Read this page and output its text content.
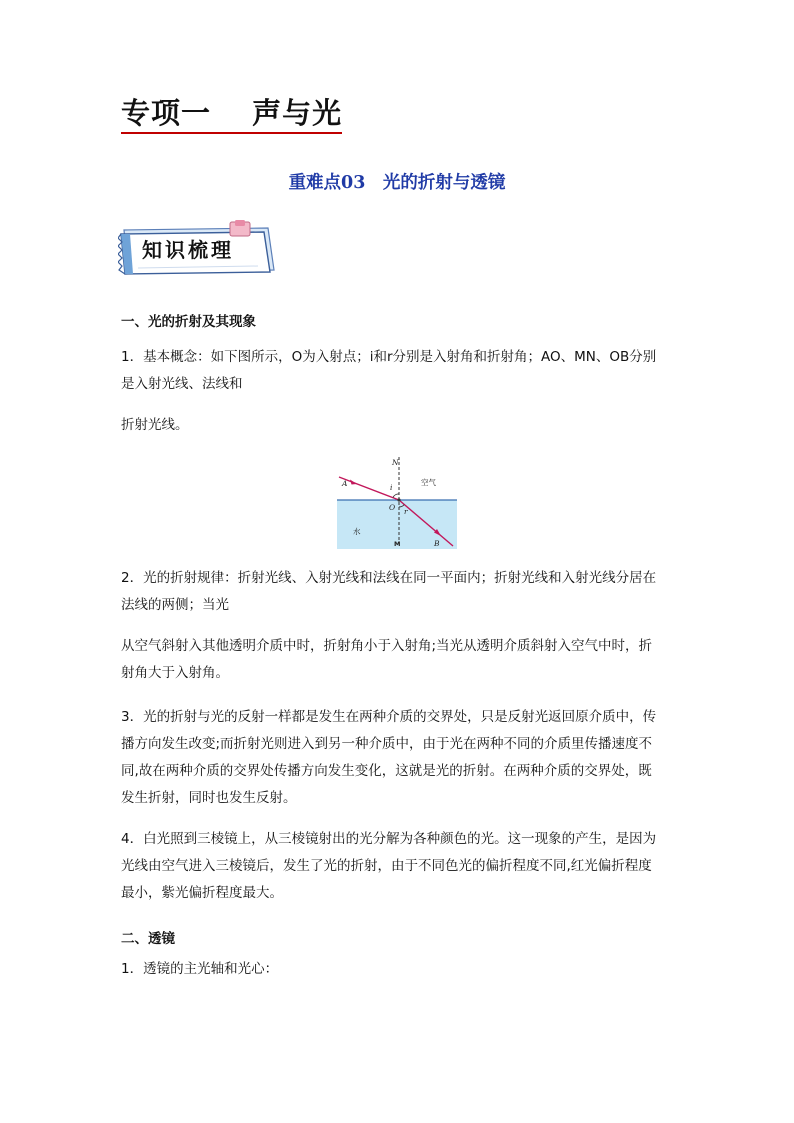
专项一　 声与光
重难点03　光的折射与透镜
知识梳理
一、光的折射及其现象

1．基本概念：如下图所示，O为入射点；i和r分别是入射角和折射角；AO、MN、OB分别
是入射光线、法线和

折射光线。

N
A	i
O r
B
M
空气
水

2．光的折射规律：折射光线、入射光线和法线在同一平面内；折射光线和入射光线分居在
法线的两侧；当光

从空气斜射入其他透明介质中时，折射角小于入射角;当光从透明介质斜射入空气中时，折
射角大于入射角。

3．光的折射与光的反射一样都是发生在两种介质的交界处，只是反射光返回原介质中，传
播方向发生改变;而折射光则进入到另一种介质中，由于光在两种不同的介质里传播速度不
同,故在两种介质的交界处传播方向发生变化，这就是光的折射。在两种介质的交界处，既
发生折射，同时也发生反射。

4．白光照到三棱镜上，从三棱镜射出的光分解为各种颜色的光。这一现象的产生，是因为
光线由空气进入三棱镜后，发生了光的折射，由于不同色光的偏折程度不同,红光偏折程度
最小，紫光偏折程度最大。

二、透镜

1．透镜的主光轴和光心：
